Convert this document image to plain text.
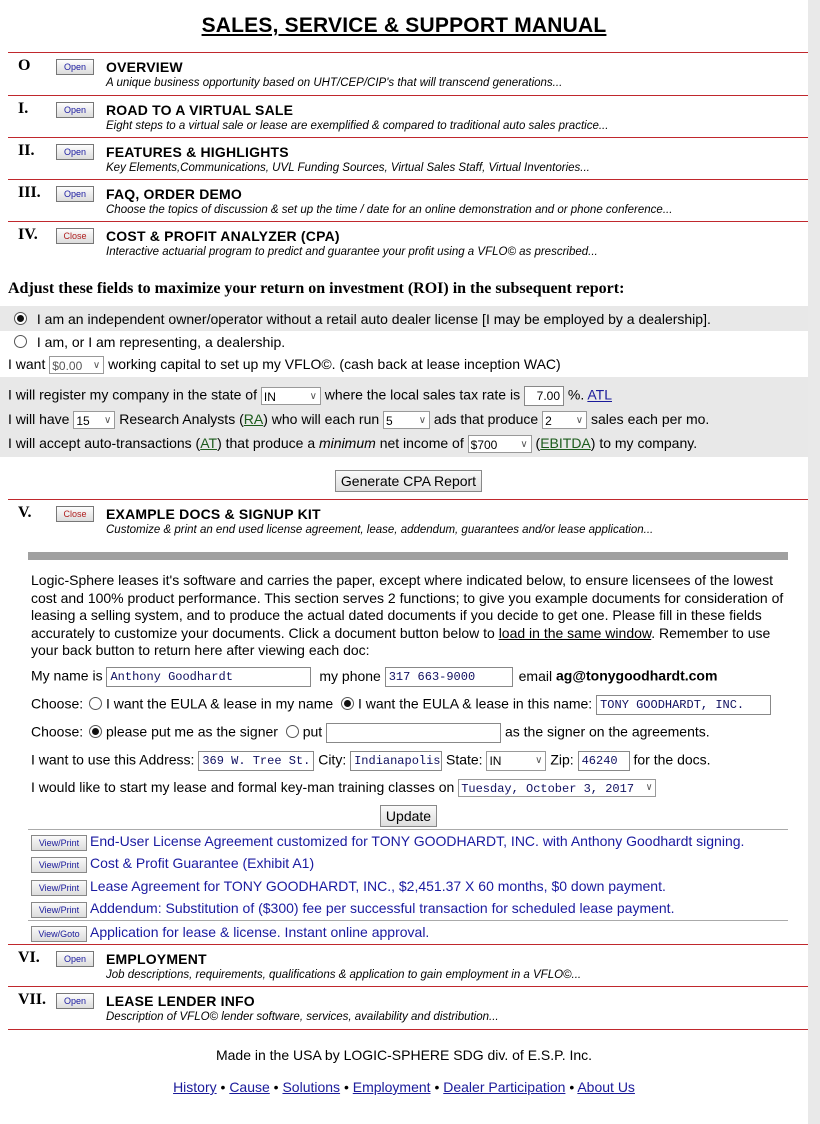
SALES, SERVICE & SUPPORT MANUAL
O	Open	OVERVIEW
A unique business opportunity based on UHT/CEP/CIP's that will transcend generations...
I.	Open	ROAD TO A VIRTUAL SALE
Eight steps to a virtual sale or lease are exemplified & compared to traditional auto sales practice...
II.	Open	FEATURES & HIGHLIGHTS
Key Elements,Communications, UVL Funding Sources, Virtual Sales Staff, Virtual Inventories...
III.	Open	FAQ, ORDER DEMO
Choose the topics of discussion & set up the time / date for an online demonstration and or phone conference...
IV.	Close	COST & PROFIT ANALYZER (CPA)
Interactive actuarial program to predict and guarantee your profit using a VFLO© as prescribed...
Adjust these fields to maximize your return on investment (ROI) in the subsequent report:
I am an independent owner/operator without a retail auto dealer license [I may be employed by a dealership].
I am, or I am representing, a dealership.
I want $0.00 ∨ working capital to set up my VFLO©. (cash back at lease inception WAC)
I will register my company in the state of IN	∨ where the local sales tax rate is 7.00 %. ATL
I will have 15 ∨ Research Analysts (RA) who will each run 5	∨ ads that produce 2 ∨ sales each per mo.
I will accept auto-transactions (AT) that produce a minimum net income of $700 ∨ (EBITDA) to my company.
Generate CPA Report
V.	Close	EXAMPLE DOCS & SIGNUP KIT
Customize & print an end used license agreement, lease, addendum, guarantees and/or lease application...
Logic-Sphere leases it's software and carries the paper, except where indicated below, to ensure licensees of the lowest cost and 100% product performance. This section serves 2 functions; to give you example documents for consideration of leasing a selling system, and to produce the actual dated documents if you decide to get one. Please fill in these fields accurately to customize your documents. Click a document button below to load in the same window. Remember to use your back button to return here after viewing each doc:
My name is Anthony Goodhardt	my phone 317 663-9000	email ag@tonygoodhardt.com
Choose: I want the EULA & lease in my name I want the EULA & lease in this name: TONY GOODHARDT, INC.
Choose: please put me as the signer put	as the signer on the agreements.
I want to use this Address: 369 W. Tree St. City: Indianapolis State: IN	∨ Zip: 46240 for the docs.
I would like to start my lease and formal key-man training classes on Tuesday, October 3, 2017 ∨
Update
View/Print End-User License Agreement customized for TONY GOODHARDT, INC. with Anthony Goodhardt signing.
View/Print Cost & Profit Guarantee (Exhibit A1)
View/Print Lease Agreement for TONY GOODHARDT, INC., $2,451.37 X 60 months, $0 down payment.
View/Print Addendum: Substitution of ($300) fee per successful transaction for scheduled lease payment.
View/Goto Application for lease & license. Instant online approval.
VI.	Open	EMPLOYMENT
Job descriptions, requirements, qualifications & application to gain employment in a VFLO©...
VII.	Open	LEASE LENDER INFO
Description of VFLO© lender software, services, availability and distribution...
Made in the USA by LOGIC-SPHERE SDG div. of E.S.P. Inc.
History • Cause • Solutions • Employment • Dealer Participation • About Us
